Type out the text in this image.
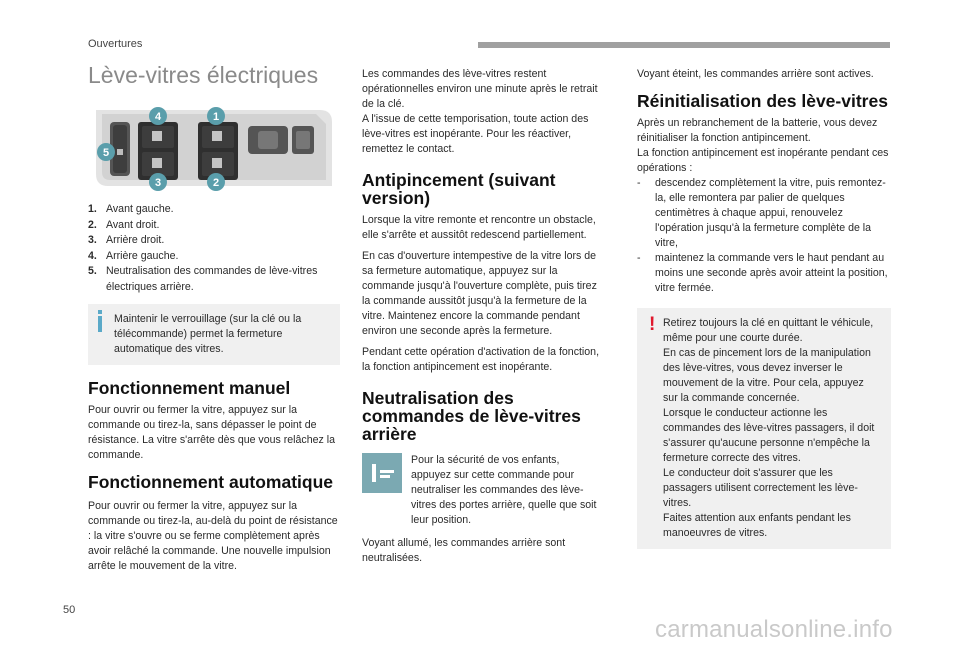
Ouvertures
Lève-vitres électriques
4	1
5
3	2
1. Avant gauche.
2. Avant droit.
3. Arrière droit.
4. Arrière gauche.
5. Neutralisation des commandes de lève-vitres électriques arrière.

Maintenir le verrouillage (sur la clé ou la télécommande) permet la fermeture automatique des vitres.

Fonctionnement manuel

Pour ouvrir ou fermer la vitre, appuyez sur la commande ou tirez-la, sans dépasser le point de résistance. La vitre s'arrête dès que vous relâchez la commande.

Fonctionnement automatique

Pour ouvrir ou fermer la vitre, appuyez sur la commande ou tirez-la, au-delà du point de résistance : la vitre s'ouvre ou se ferme complètement après avoir relâché la commande. Une nouvelle impulsion arrête le mouvement de la vitre.

Les commandes des lève-vitres restent opérationnelles environ une minute après le retrait de la clé.
A l'issue de cette temporisation, toute action des lève-vitres est inopérante. Pour les réactiver, remettez le contact.

Antipincement (suivant version)

Lorsque la vitre remonte et rencontre un obstacle, elle s'arrête et aussitôt redescend partiellement.

En cas d'ouverture intempestive de la vitre lors de sa fermeture automatique, appuyez sur la commande jusqu'à l'ouverture complète, puis tirez la commande aussitôt jusqu'à la fermeture de la vitre. Maintenez encore la commande pendant environ une seconde après la fermeture.

Pendant cette opération d'activation de la fonction, la fonction antipincement est inopérante.

Neutralisation des commandes de lève-vitres arrière

Pour la sécurité de vos enfants, appuyez sur cette commande pour neutraliser les commandes des lève-vitres des portes arrière, quelle que soit leur position.

Voyant allumé, les commandes arrière sont neutralisées.

Voyant éteint, les commandes arrière sont actives.

Réinitialisation des lève-vitres

Après un rebranchement de la batterie, vous devez réinitialiser la fonction antipincement.
La fonction antipincement est inopérante pendant ces opérations :

-	descendez complètement la vitre, puis remontez-la, elle remontera par palier de quelques centimètres à chaque appui, renouvelez l'opération jusqu'à la fermeture complète de la vitre,
-	maintenez la commande vers le haut pendant au moins une seconde après avoir atteint la position, vitre fermée.
! Retirez toujours la clé en quittant le véhicule, même pour une courte durée.
En cas de pincement lors de la manipulation des lève-vitres, vous devez inverser le mouvement de la vitre. Pour cela, appuyez sur la commande concernée.
Lorsque le conducteur actionne les commandes des lève-vitres passagers, il doit s'assurer qu'aucune personne n'empêche la fermeture correcte des vitres.
Le conducteur doit s'assurer que les passagers utilisent correctement les lève-vitres.
Faites attention aux enfants pendant les manoeuvres de vitres.

50
carmanualsonline.info
